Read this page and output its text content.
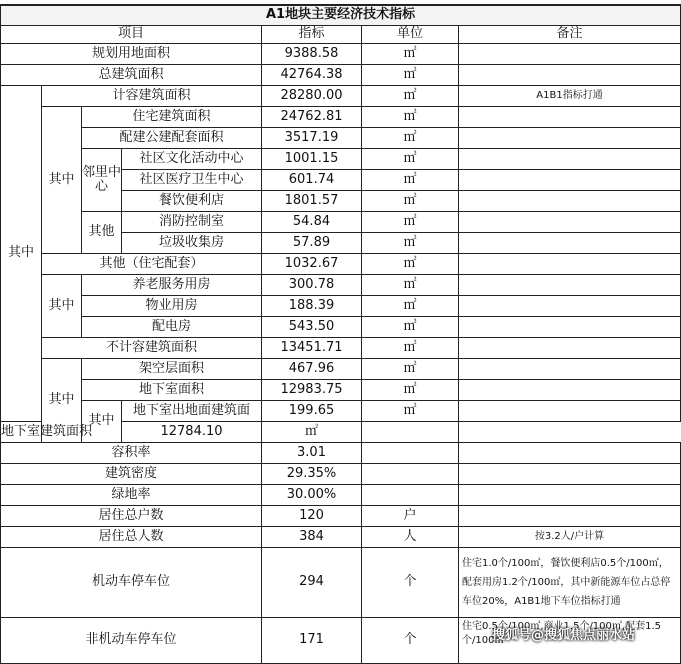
A1地块主要经济技术指标						
项目				指标	单位	备注
规划用地面积				9388.58	㎡	
总建筑面积				42764.38	㎡	
其中	计容建筑面积			28280.00	㎡	A1B1指标打通
	其中	住宅建筑面积		24762.81	㎡	
		配建公建配套面积		3517.19	㎡	
		邻里中心	社区文化活动中心	1001.15	㎡	
			社区医疗卫生中心	601.74	㎡	
			餐饮便利店	1801.57	㎡	
		其他	消防控制室	54.84	㎡	
			垃圾收集房	57.89	㎡	
	其他（住宅配套）			1032.67	㎡	
	其中	养老服务用房		300.78	㎡	
		物业用房		188.39	㎡	
		配电房		543.50	㎡	
	不计容建筑面积			13451.71	㎡	
	其中	架空层面积		467.96	㎡	
		地下室面积		12983.75	㎡	
		其中	地下室出地面建筑面	199.65	㎡	
地下室建筑面积			12784.10	㎡		
容积率				3.01		
建筑密度				29.35%		
绿地率				30.00%		
居住总户数				120	户	
居住总人数				384	人	按3.2人/户计算
机动车停车位				294	个	住宅1.0个/100㎡，餐饮便利店0.5个/100㎡，配套用房1.2个/100㎡，其中新能源车位占总停车位20%，A1B1地下车位指标打通
非机动车停车位				171	个	住宅0.5个/100㎡,商业1.5个/100㎡,配套1.5个/100㎡
搜狐号@搜狐焦点丽水站
